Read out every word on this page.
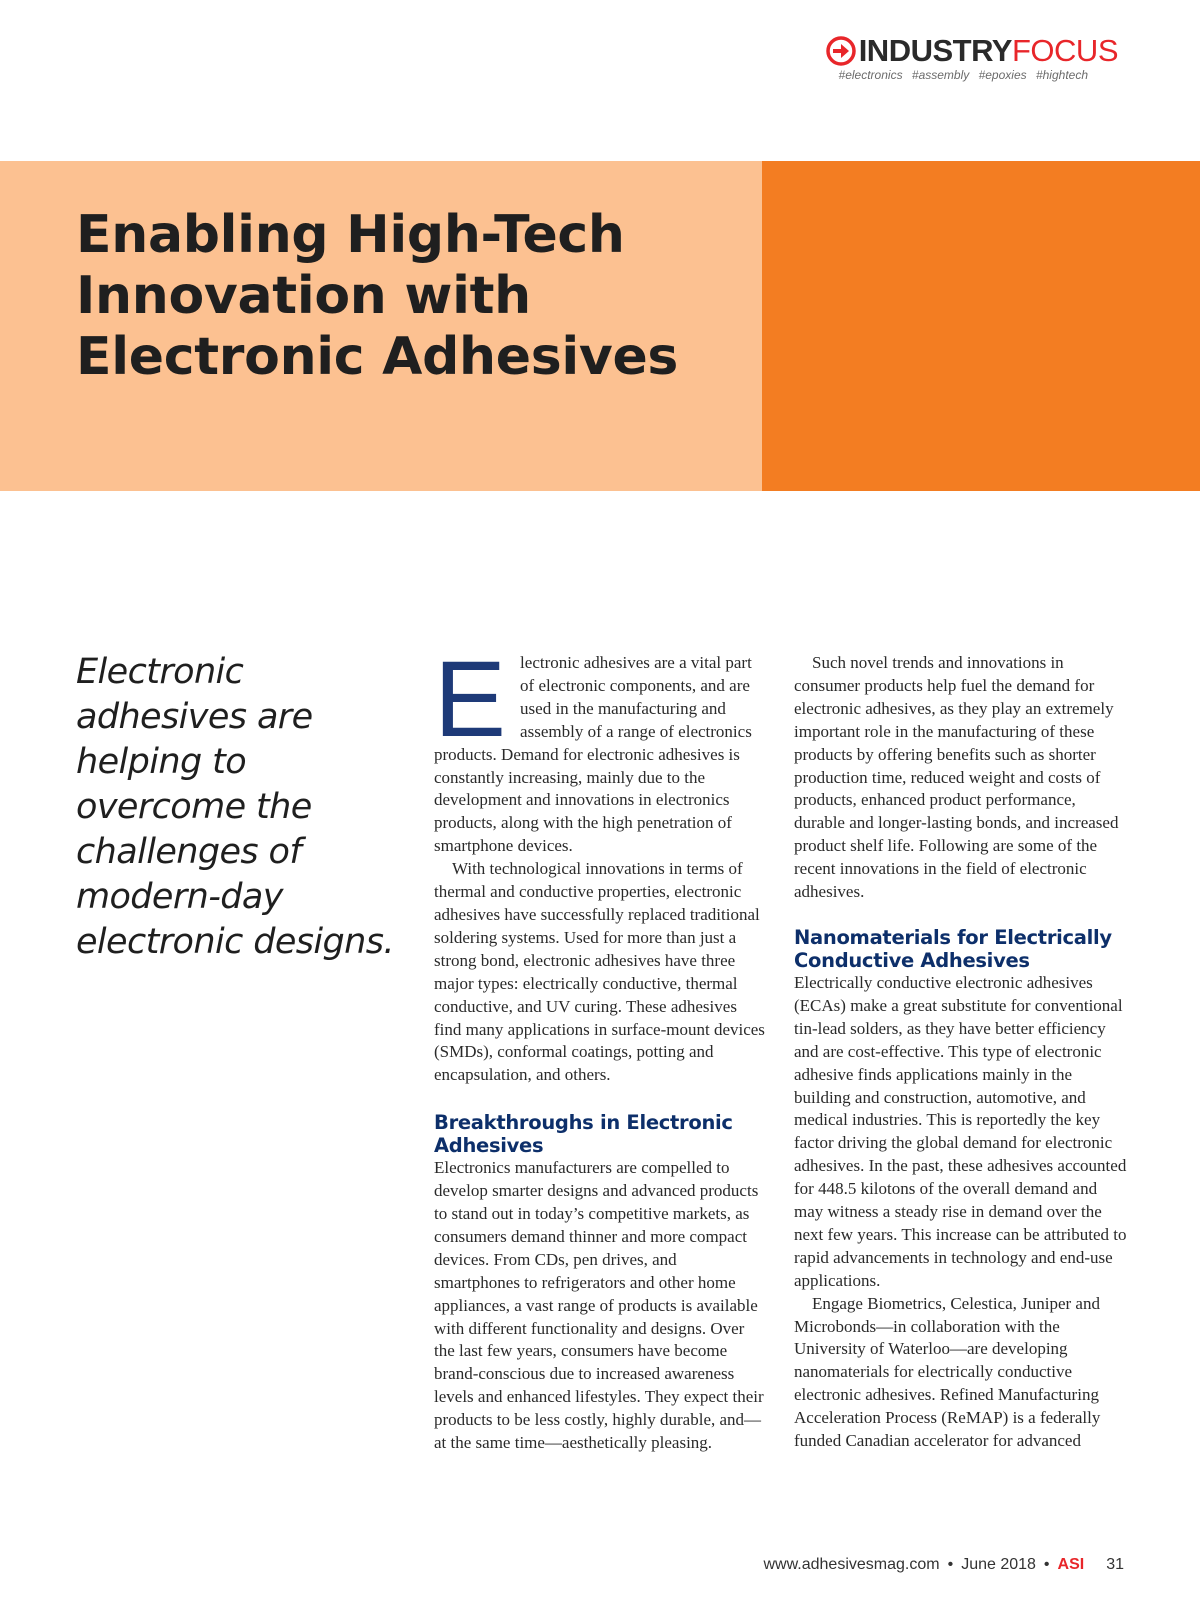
INDUSTRYFOCUS
#electronics #assembly #epoxies #hightech
Enabling High-Tech Innovation with Electronic Adhesives
Electronic adhesives are helping to overcome the challenges of modern-day electronic designs.

Electronic adhesives are a vital part of electronic components, and are used in the manufacturing and assembly of a range of electronics products. Demand for electronic adhesives is constantly increasing, mainly due to the development and innovations in electronics products, along with the high penetration of smartphone devices.

With technological innovations in terms of thermal and conductive properties, electronic adhesives have successfully replaced traditional soldering systems. Used for more than just a strong bond, electronic adhesives have three major types: electrically conductive, thermal conductive, and UV curing. These adhesives find many applications in surface-mount devices (SMDs), conformal coatings, potting and encapsulation, and others.

Breakthroughs in Electronic Adhesives

Electronics manufacturers are compelled to develop smarter designs and advanced products to stand out in today’s competitive markets, as consumers demand thinner and more compact devices. From CDs, pen drives, and smartphones to refrigerators and other home appliances, a vast range of products is available with different functionality and designs. Over the last few years, consumers have become brand-conscious due to increased awareness levels and enhanced lifestyles. They expect their products to be less costly, highly durable, and—at the same time—aesthetically pleasing.

Such novel trends and innovations in consumer products help fuel the demand for electronic adhesives, as they play an extremely important role in the manufacturing of these products by offering benefits such as shorter production time, reduced weight and costs of products, enhanced product performance, durable and longer-lasting bonds, and increased product shelf life. Following are some of the recent innovations in the field of electronic adhesives.

Nanomaterials for Electrically Conductive Adhesives

Electrically conductive electronic adhesives (ECAs) make a great substitute for conventional tin-lead solders, as they have better efficiency and are cost-effective. This type of electronic adhesive finds applications mainly in the building and construction, automotive, and medical industries. This is reportedly the key factor driving the global demand for electronic adhesives. In the past, these adhesives accounted for 448.5 kilotons of the overall demand and may witness a steady rise in demand over the next few years. This increase can be attributed to rapid advancements in technology and end-use applications.

Engage Biometrics, Celestica, Juniper and Microbonds—in collaboration with the University of Waterloo—are developing nanomaterials for electrically conductive electronic adhesives. Refined Manufacturing Acceleration Process (ReMAP) is a federally funded Canadian accelerator for advanced

www.adhesivesmag.com • June 2018 • ASI 31
